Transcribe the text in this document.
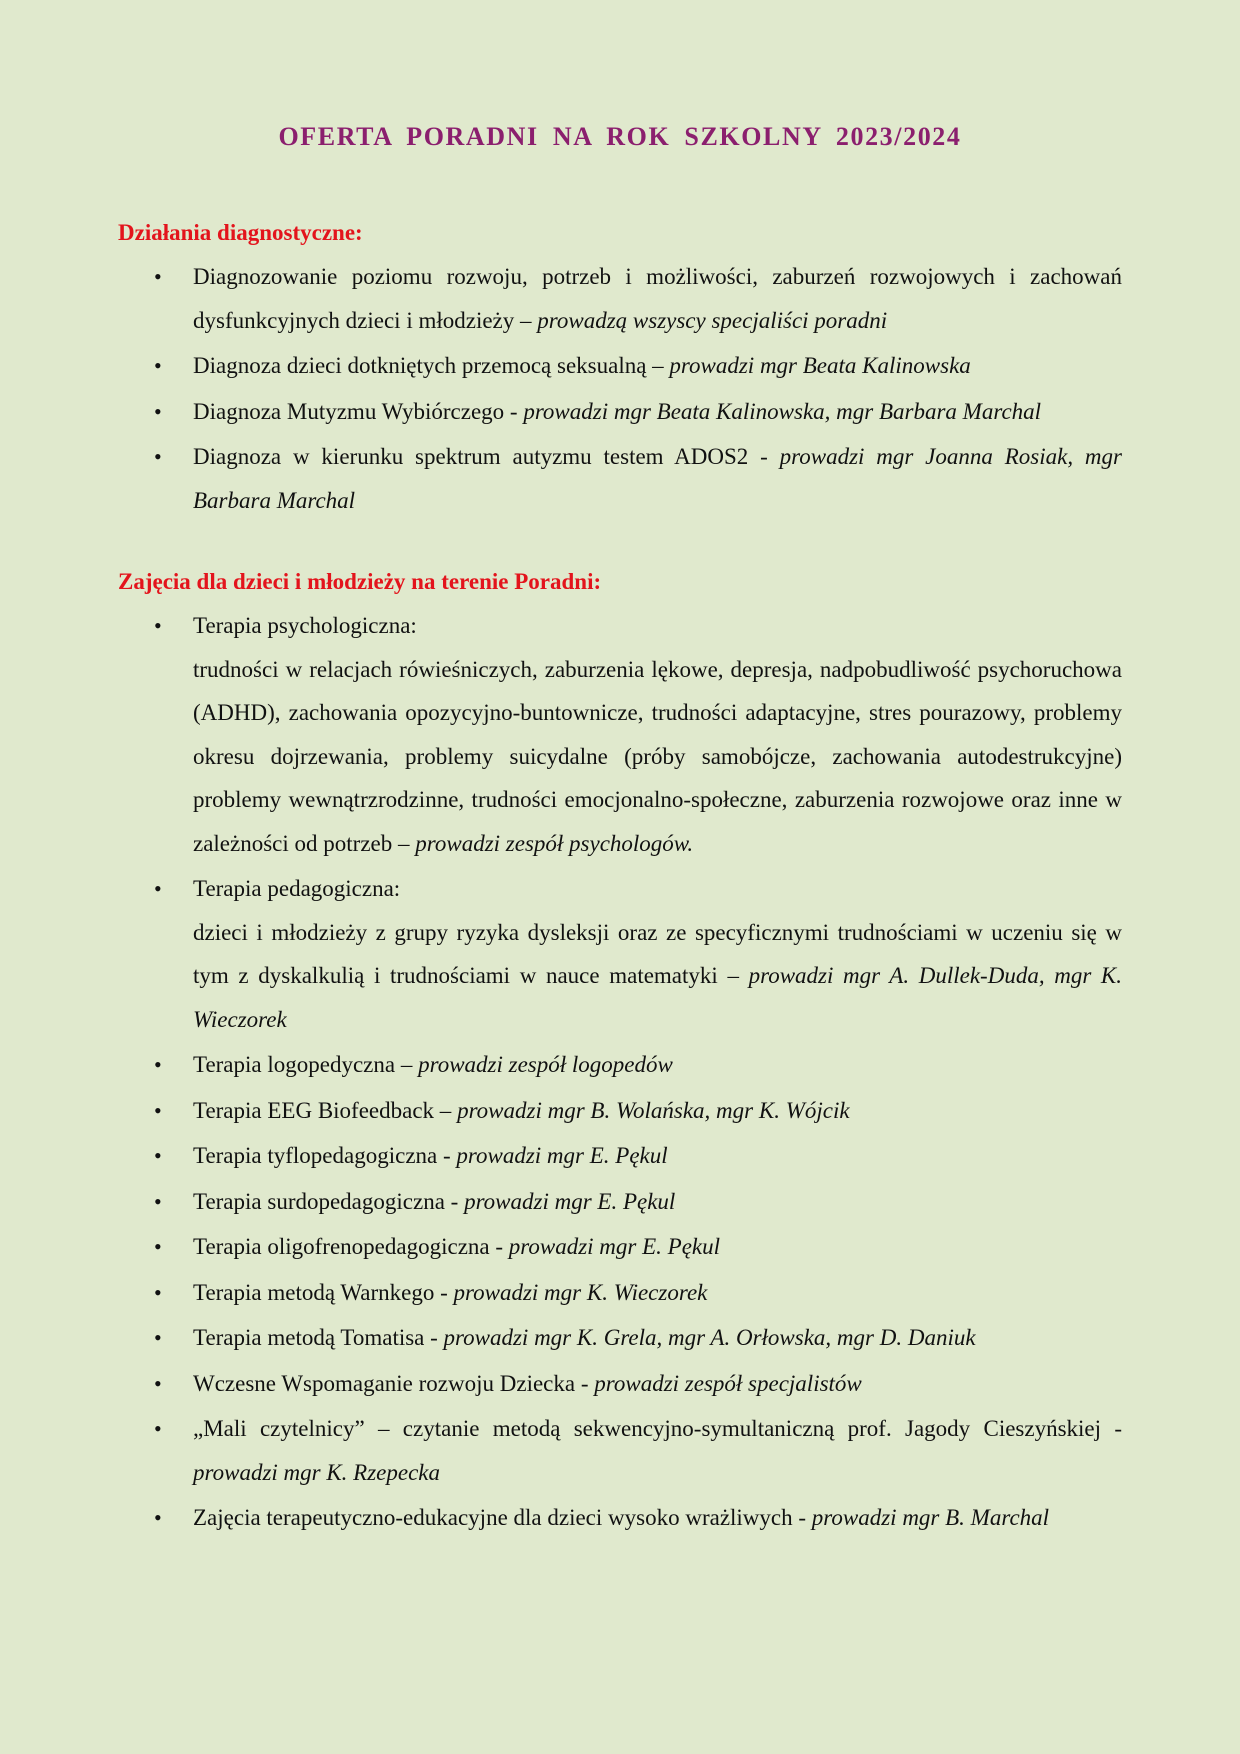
OFERTA PORADNI NA ROK SZKOLNY 2023/2024
Działania diagnostyczne:
• Diagnozowanie poziomu rozwoju, potrzeb i możliwości, zaburzeń rozwojowych i zachowań dysfunkcyjnych dzieci i młodzieży – prowadzą wszyscy specjaliści poradni
• Diagnoza dzieci dotkniętych przemocą seksualną – prowadzi mgr Beata Kalinowska
• Diagnoza Mutyzmu Wybiórczego - prowadzi mgr Beata Kalinowska, mgr Barbara Marchal
• Diagnoza w kierunku spektrum autyzmu testem ADOS2 - prowadzi mgr Joanna Rosiak, mgr Barbara Marchal
Zajęcia dla dzieci i młodzieży na terenie Poradni:
• Terapia psychologiczna:
trudności w relacjach rówieśniczych, zaburzenia lękowe, depresja, nadpobudliwość psychoruchowa (ADHD), zachowania opozycyjno-buntownicze, trudności adaptacyjne, stres pourazowy, problemy okresu dojrzewania, problemy suicydalne (próby samobójcze, zachowania autodestrukcyjne) problemy wewnątrzrodzinne, trudności emocjonalno-społeczne, zaburzenia rozwojowe oraz inne w zależności od potrzeb – prowadzi zespół psychologów.
• Terapia pedagogiczna:
dzieci i młodzieży z grupy ryzyka dysleksji oraz ze specyficznymi trudnościami w uczeniu się w tym z dyskalkulią i trudnościami w nauce matematyki – prowadzi mgr A. Dullek-Duda, mgr K. Wieczorek
• Terapia logopedyczna – prowadzi zespół logopedów
• Terapia EEG Biofeedback – prowadzi mgr B. Wolańska, mgr K. Wójcik
• Terapia tyflopedagogiczna - prowadzi mgr E. Pękul
• Terapia surdopedagogiczna - prowadzi mgr E. Pękul
• Terapia oligofrenopedagogiczna - prowadzi mgr E. Pękul
• Terapia metodą Warnkego - prowadzi mgr K. Wieczorek
• Terapia metodą Tomatisa - prowadzi mgr K. Grela, mgr A. Orłowska, mgr D. Daniuk
• Wczesne Wspomaganie rozwoju Dziecka - prowadzi zespół specjalistów
• „Mali czytelnicy” – czytanie metodą sekwencyjno-symultaniczną prof. Jagody Cieszyńskiej -prowadzi mgr K. Rzepecka
• Zajęcia terapeutyczno-edukacyjne dla dzieci wysoko wrażliwych - prowadzi mgr B. Marchal
